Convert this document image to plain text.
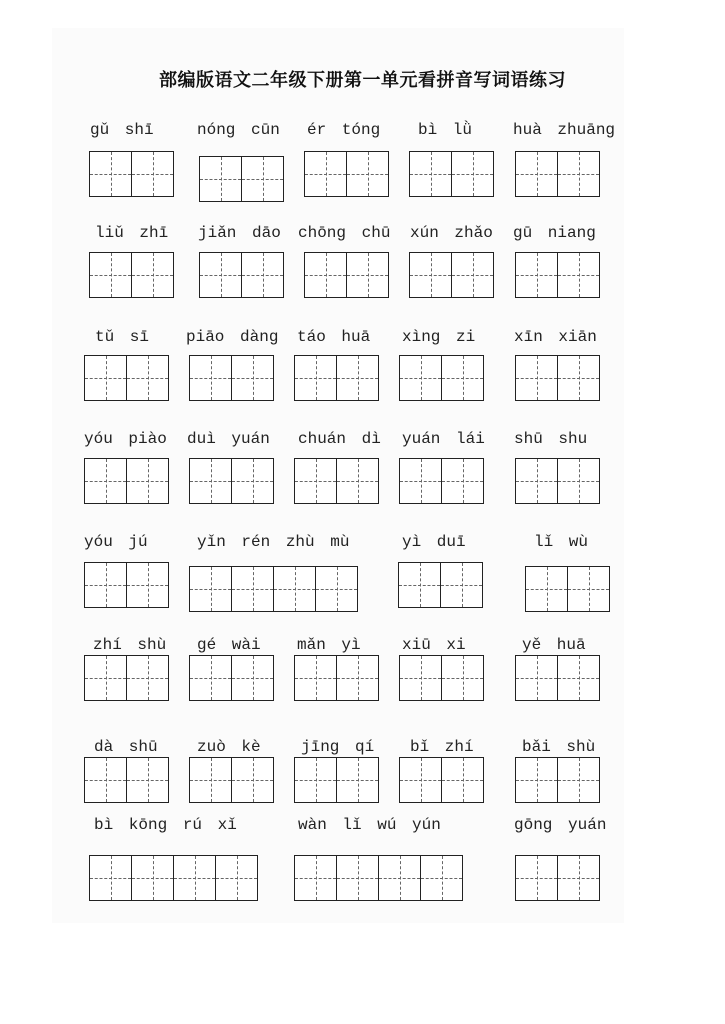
部编版语文二年级下册第一单元看拼音写词语练习
gǔ shī	nóng cūn ér tóng bì lǜ	huà zhuāng
liǔ zhī jiǎn dāo chōng chū xún zhǎo gū niang
tǔ sī piāo dàng táo huā xìng zi xīn xiān
yóu piào duì yuán chuán dì yuán lái shū shu
yóu jú	yǐn rén zhù mù	yì duī	lǐ wù
zhí shù gé wài mǎn yì	xiū xi	yě huā
dà shū zuò kè	jīng qí bǐ zhí	bǎi shù
bì kōng rú xǐ	wàn lǐ wú yún	gōng yuán
